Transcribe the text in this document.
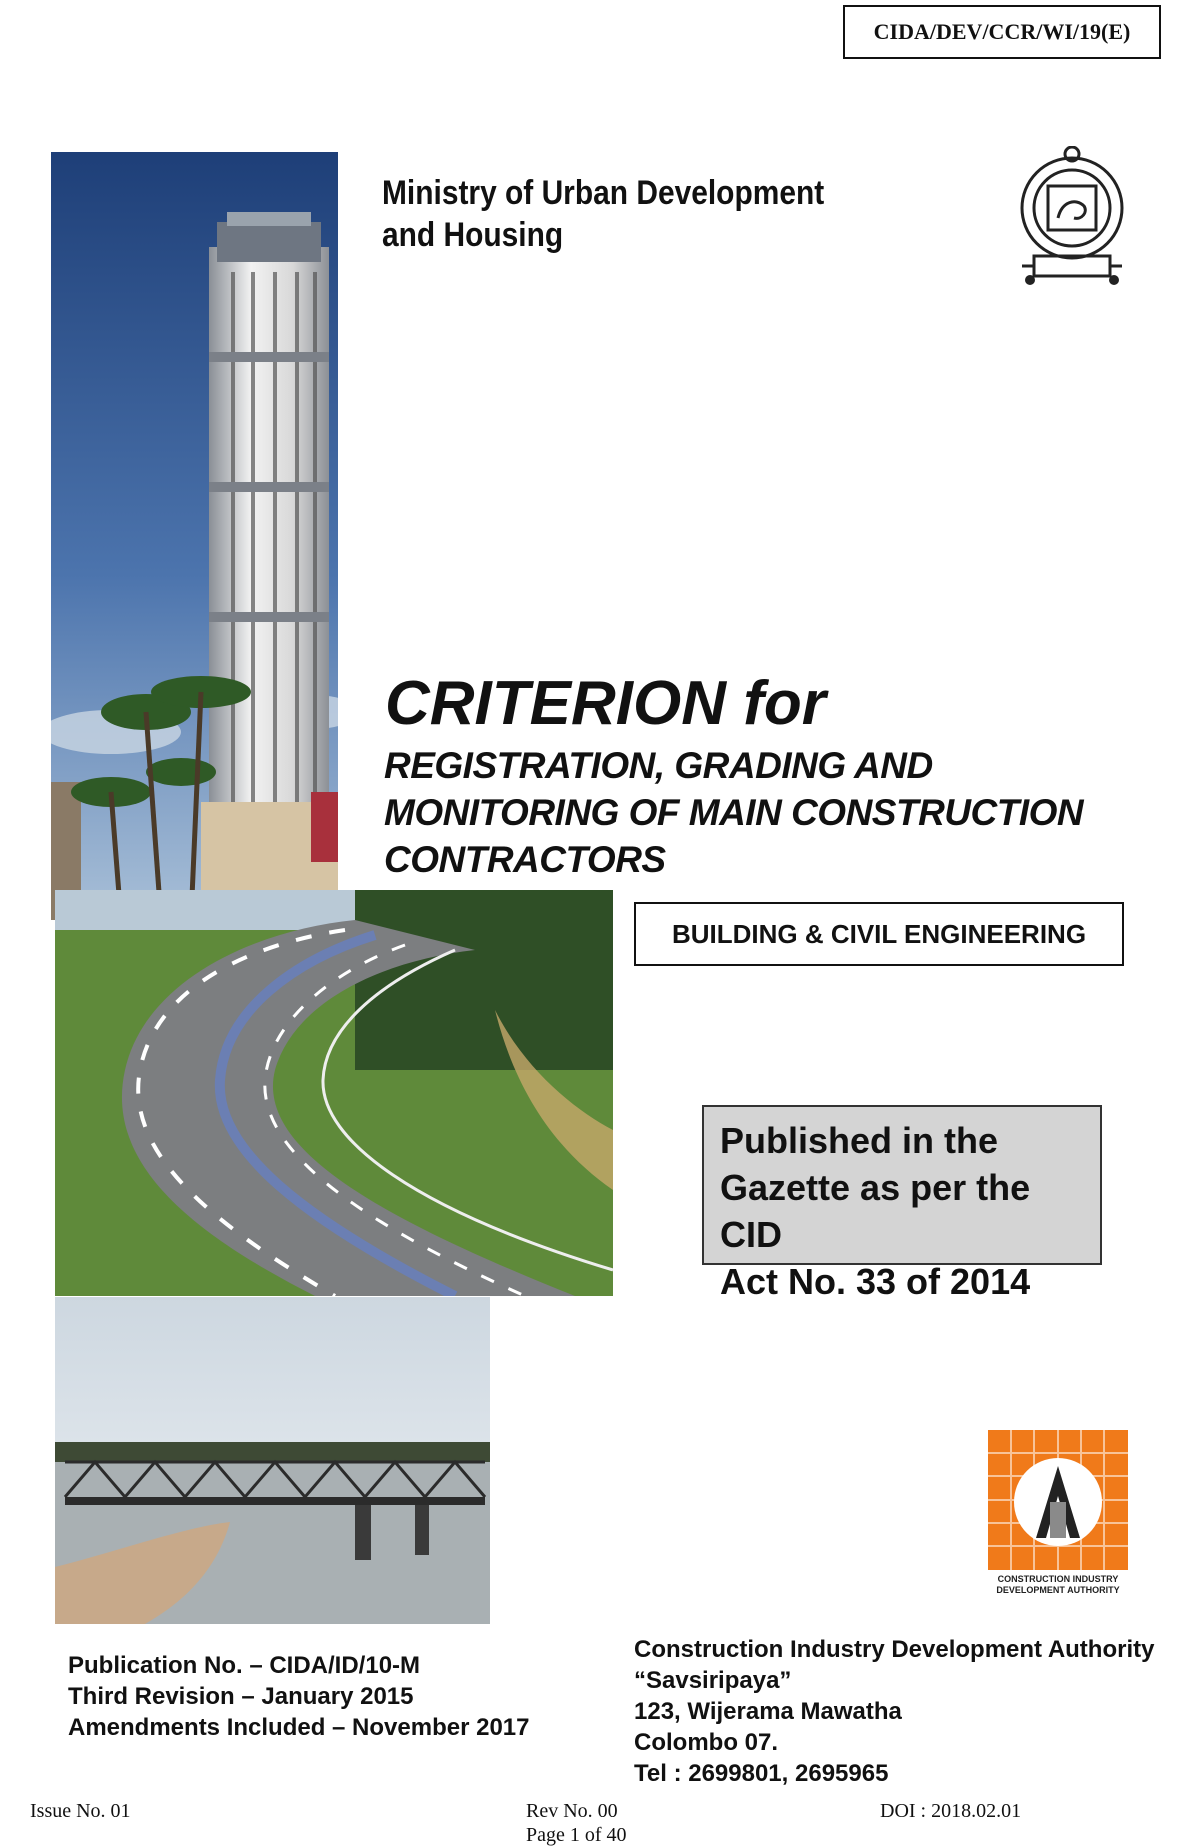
CIDA/DEV/CCR/WI/19(E)
Ministry of Urban Development and Housing
CRITERION for
REGISTRATION, GRADING AND
MONITORING OF MAIN CONSTRUCTION
CONTRACTORS
BUILDING & CIVIL ENGINEERING
Published in the
Gazette as per the CID
Act No. 33 of 2014
CONSTRUCTION INDUSTRY
DEVELOPMENT AUTHORITY
Publication No. – CIDA/ID/10-M
Third Revision – January 2015
Amendments Included – November 2017
Construction Industry Development Authority
“Savsiripaya”
123, Wijerama Mawatha
Colombo 07.
Tel : 2699801, 2695965
Issue No. 01	Rev No. 00
Page 1 of 40
DOI : 2018.02.01
